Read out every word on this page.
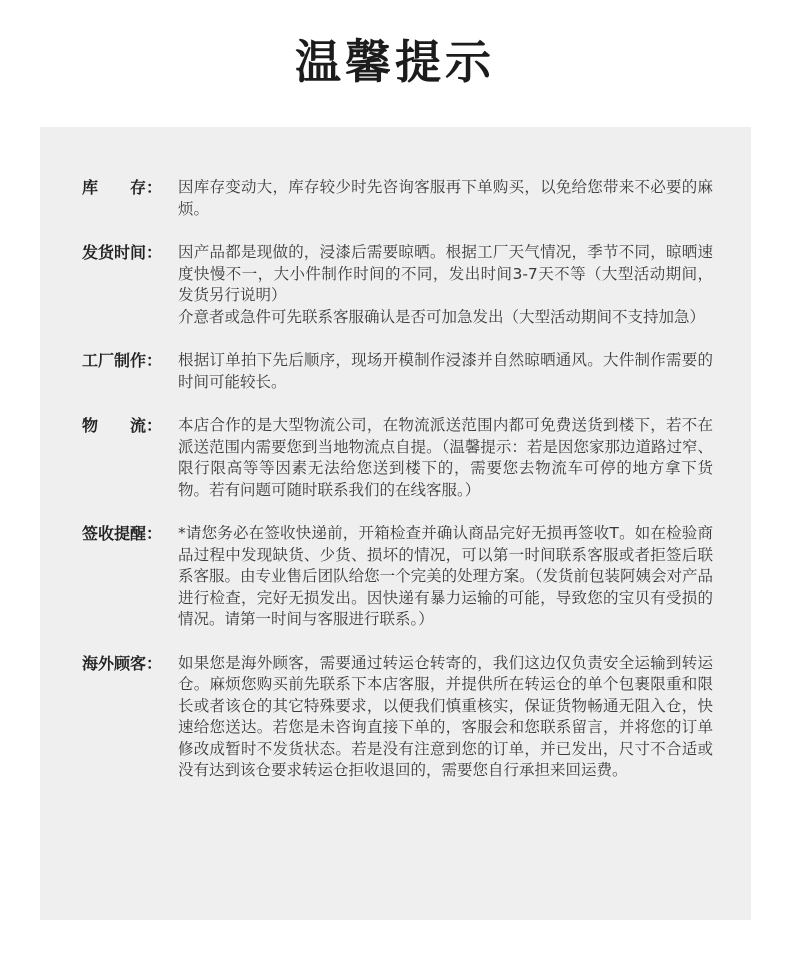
温馨提示
库　　存： 因库存变动大，库存较少时先咨询客服再下单购买，以免给您带来不必要的麻烦。

发货时间： 因产品都是现做的，浸漆后需要晾晒。根据工厂天气情况，季节不同，晾晒速度快慢不一，大小件制作时间的不同，发出时间3-7天不等（大型活动期间，发货另行说明）

介意者或急件可先联系客服确认是否可加急发出（大型活动期间不支持加急）

工厂制作： 根据订单拍下先后顺序，现场开模制作浸漆并自然晾晒通风。大件制作需要的时间可能较长。

物　　流： 本店合作的是大型物流公司，在物流派送范围内都可免费送货到楼下，若不在派送范围内需要您到当地物流点自提。（温馨提示：若是因您家那边道路过窄、限行限高等等因素无法给您送到楼下的，需要您去物流车可停的地方拿下货物。若有问题可随时联系我们的在线客服。）

签收提醒： *请您务必在签收快递前，开箱检查并确认商品完好无损再签收T。如在检验商品过程中发现缺货、少货、损坏的情况，可以第一时间联系客服或者拒签后联系客服。由专业售后团队给您一个完美的处理方案。（发货前包装阿姨会对产品进行检查，完好无损发出。因快递有暴力运输的可能，导致您的宝贝有受损的情况。请第一时间与客服进行联系。）

海外顾客： 如果您是海外顾客，需要通过转运仓转寄的，我们这边仅负责安全运输到转运仓。麻烦您购买前先联系下本店客服，并提供所在转运仓的单个包裹限重和限长或者该仓的其它特殊要求，以便我们慎重核实，保证货物畅通无阻入仓，快速给您送达。若您是未咨询直接下单的，客服会和您联系留言，并将您的订单修改成暂时不发货状态。若是没有注意到您的订单，并已发出，尺寸不合适或没有达到该仓要求转运仓拒收退回的，需要您自行承担来回运费。
